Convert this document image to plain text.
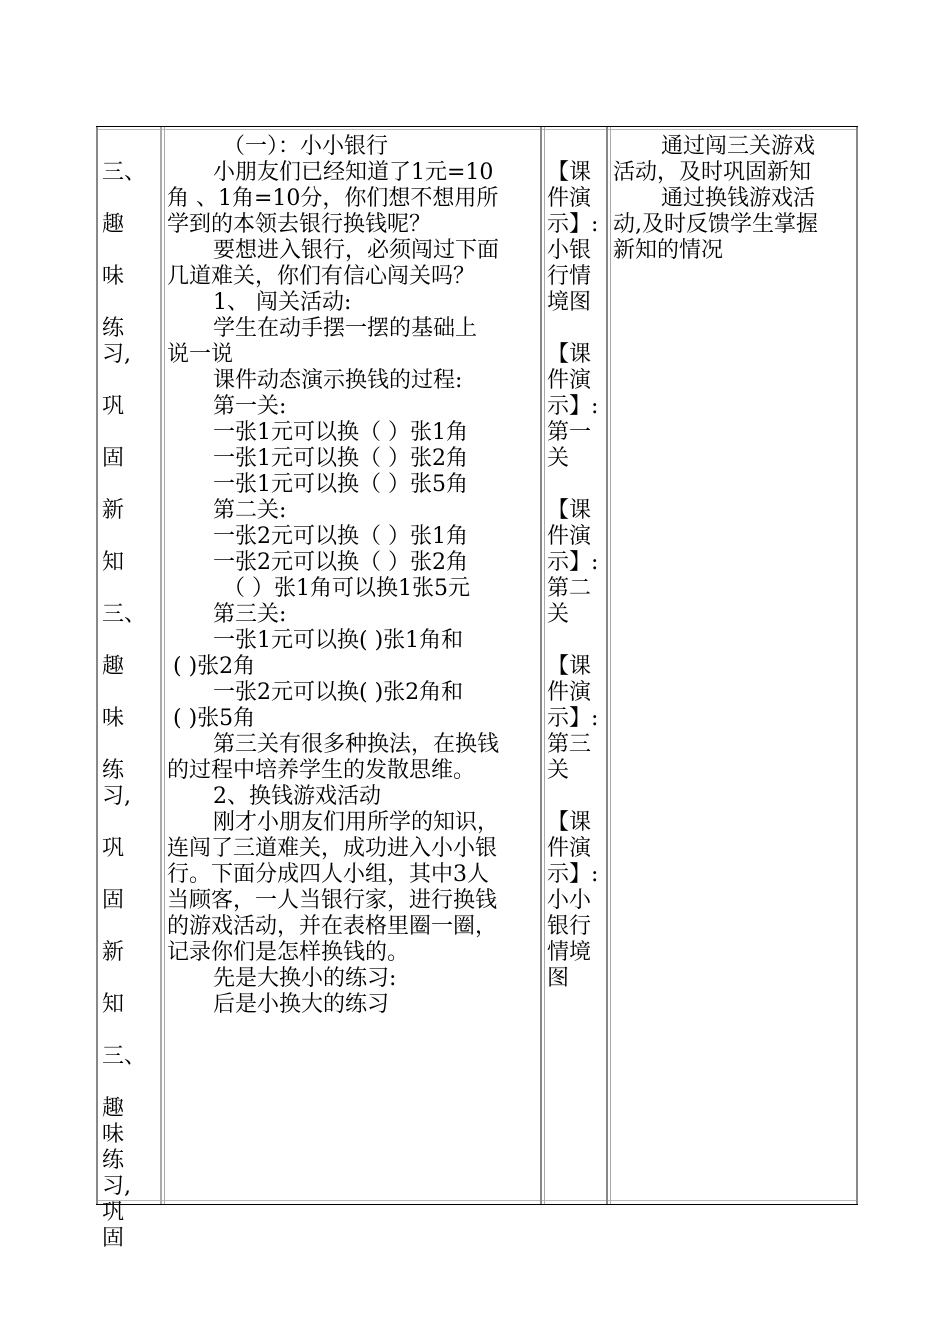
三、
趣
味
练
习,
巩
固
新
知
三、
趣
味
练
习,
巩
固
新
知
三、
趣
味
练
习,
巩
固
（一）：小小银行
小朋友们已经知道了1元=10
角 、1角=10分，你们想不想用所
学到的本领去银行换钱呢？
要想进入银行，必须闯过下面
几道难关，你们有信心闯关吗？
1、 闯关活动:
学生在动手摆一摆的基础上
说一说
课件动态演示换钱的过程:
第一关:
一张1元可以换（ ）张1角
一张1元可以换（ ）张2角
一张1元可以换（ ）张5角
第二关:
一张2元可以换（ ）张1角
一张2元可以换（ ）张2角
（ ）张1角可以换1张5元
第三关:
一张1元可以换( )张1角和
( )张2角
一张2元可以换( )张2角和
( )张5角
第三关有很多种换法，在换钱
的过程中培养学生的发散思维。
2、换钱游戏活动
刚才小朋友们用所学的知识，
连闯了三道难关，成功进入小小银
行。下面分成四人小组，其中3人
当顾客，一人当银行家，进行换钱
的游戏活动，并在表格里圈一圈，
记录你们是怎样换钱的。
先是大换小的练习:
后是小换大的练习
【课
件演
示】:
小银
行情
境图
【课
件演
示】:
第一
关
【课
件演
示】:
第二
关
【课
件演
示】:
第三
关
【课
件演
示】:
小小
银行
情境
图
通过闯三关游戏
活动，及时巩固新知
通过换钱游戏活
动,及时反馈学生掌握
新知的情况
